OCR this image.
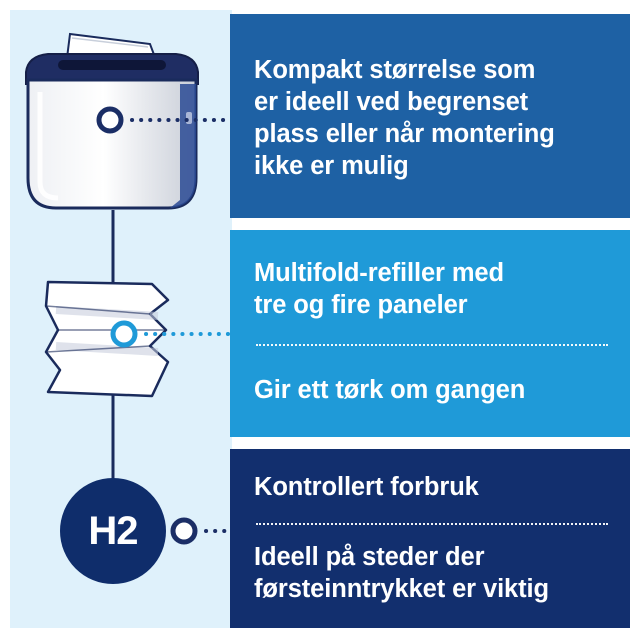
Kompakt størrelse som
er ideell ved begrenset
plass eller når montering
ikke er mulig
Multifold-refiller med
tre og fire paneler
Gir ett tørk om gangen
Kontrollert forbruk
Ideell på steder der
førsteinntrykket er viktig
H2
